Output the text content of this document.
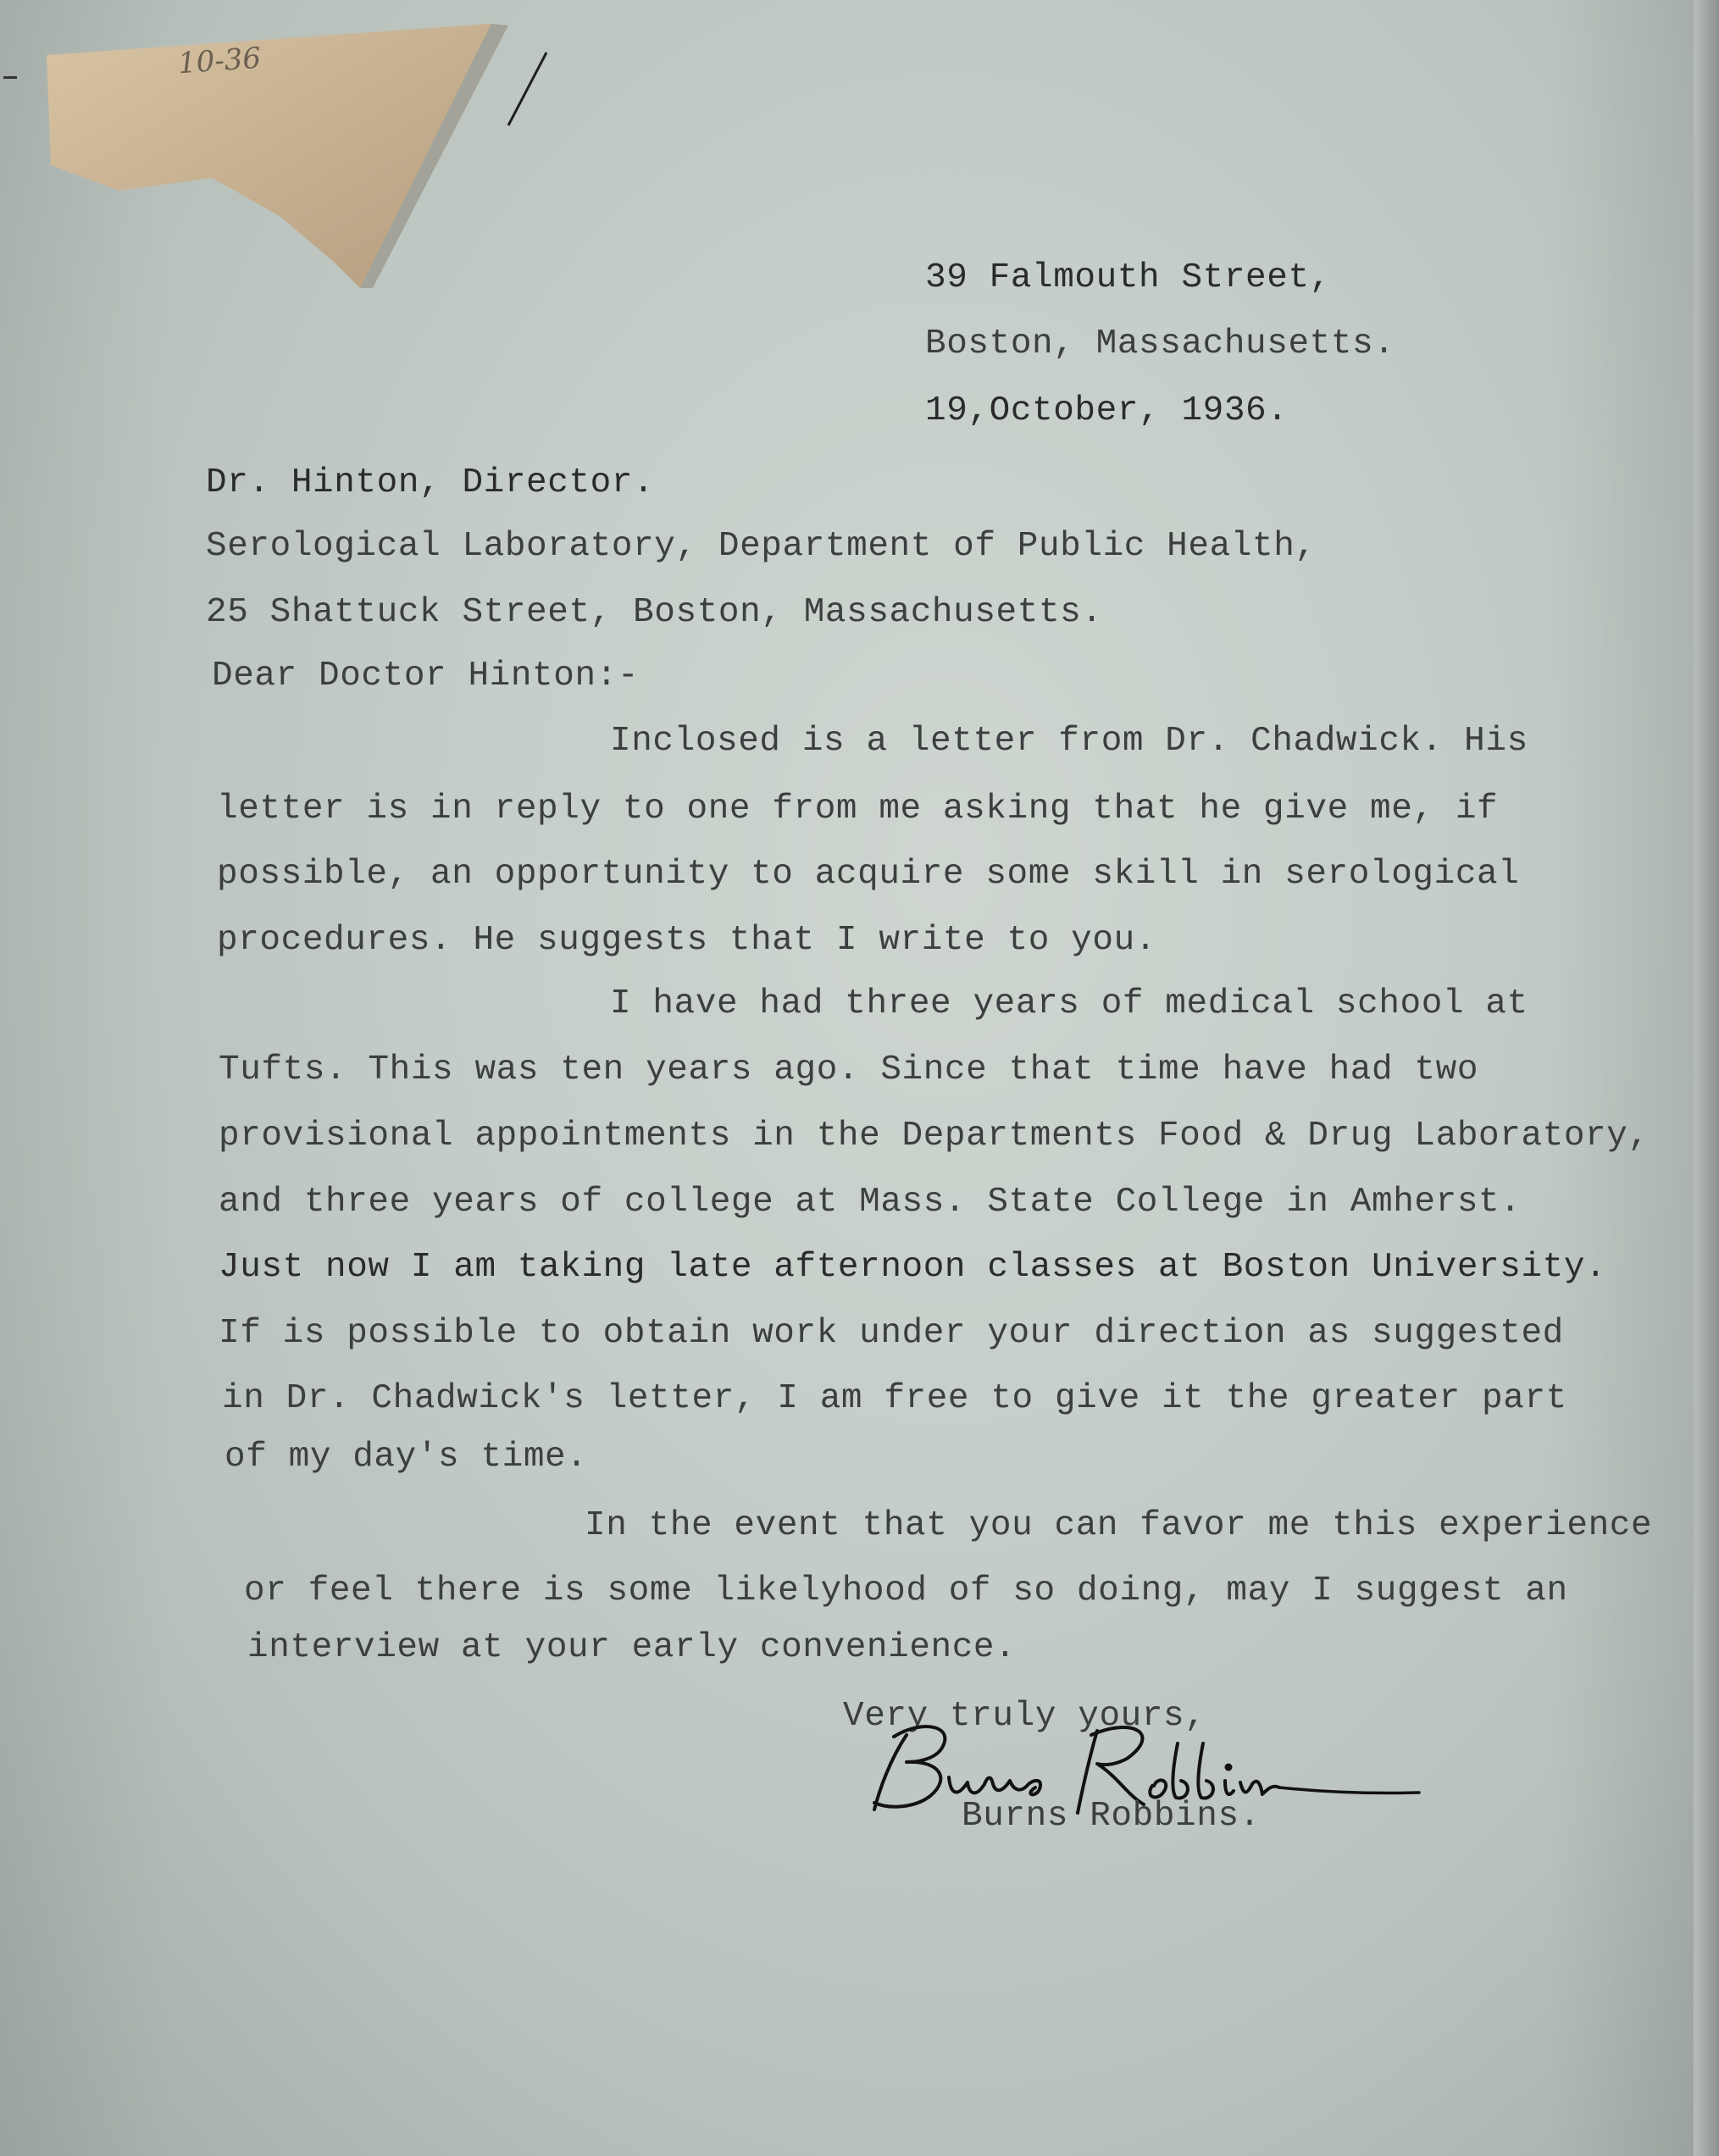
10-36
39 Falmouth Street,
Boston, Massachusetts.
19,October, 1936.
Dr. Hinton, Director.
Serological Laboratory, Department of Public Health,
25 Shattuck Street, Boston, Massachusetts.
Dear Doctor Hinton:-
Inclosed is a letter from Dr. Chadwick. His
letter is in reply to one from me asking that he give me, if
possible, an opportunity to acquire some skill in serological
procedures. He suggests that I write to you.
I have had three years of medical school at
Tufts. This was ten years ago. Since that time have had two
provisional appointments in the Departments Food & Drug Laboratory,
and three years of college at Mass. State College in Amherst.
Just now I am taking late afternoon classes at Boston University.
If is possible to obtain work under your direction as suggested
in Dr. Chadwick's letter, I am free to give it the greater part
of my day's time.
In the event that you can favor me this experience
or feel there is some likelyhood of so doing, may I suggest an
interview at your early convenience.
Very truly yours,
Burns Robbins.
